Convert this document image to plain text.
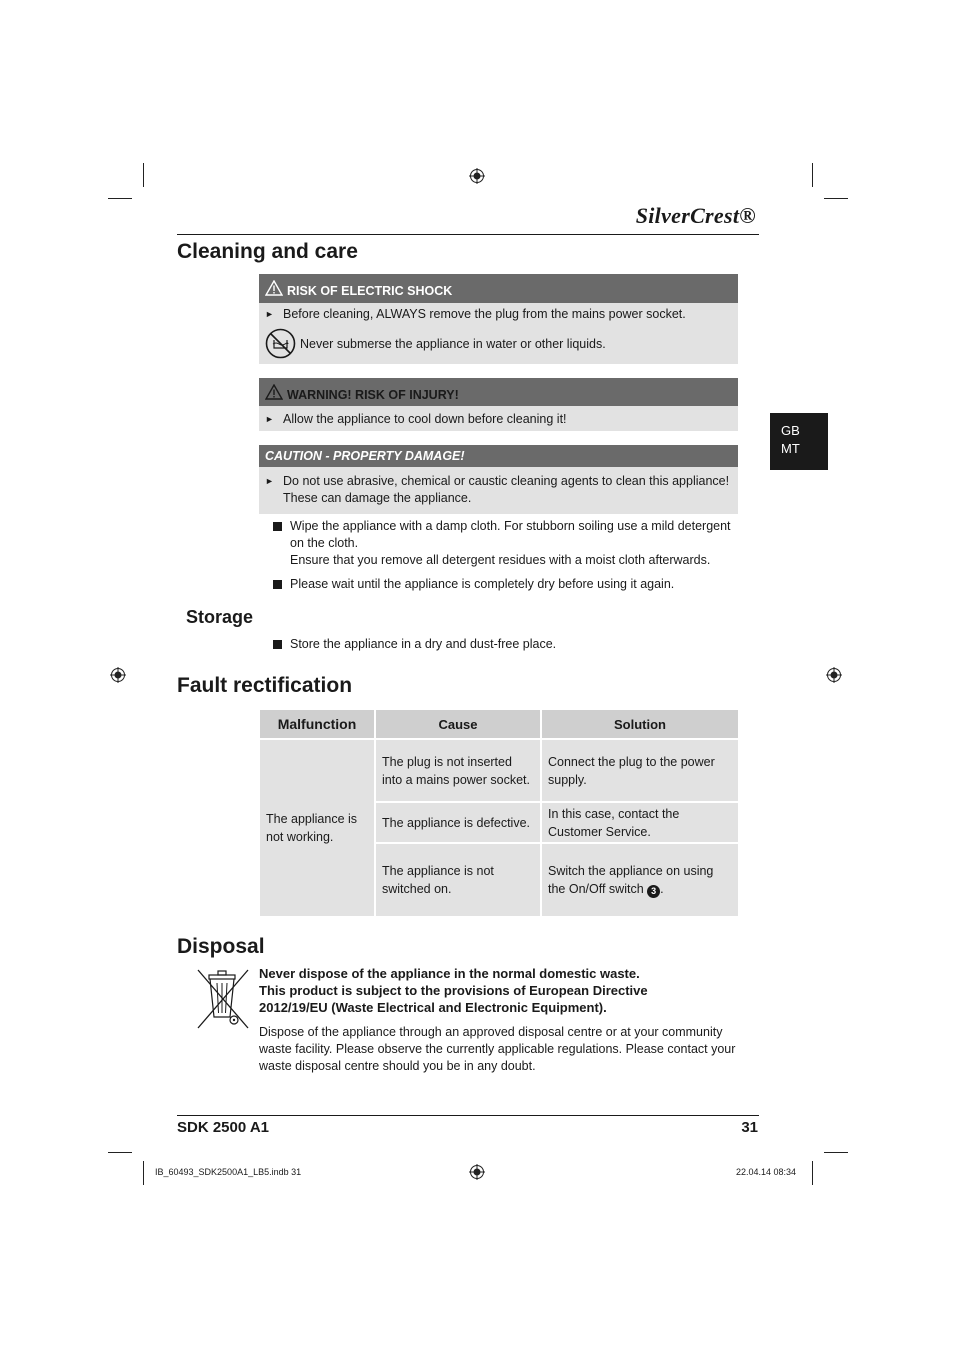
SilverCrest®
GB
MT
Cleaning and care
RISK OF ELECTRIC SHOCK
► Before cleaning, ALWAYS remove the plug from the mains power socket.
Never submerse the appliance in water or other liquids.
WARNING! RISK OF INJURY!
► Allow the appliance to cool down before cleaning it!
CAUTION - PROPERTY DAMAGE!
► Do not use abrasive, chemical or caustic cleaning agents to clean this appliance!
These can damage the appliance.
Wipe the appliance with a damp cloth. For stubborn soiling use a mild detergent
on the cloth.
Ensure that you remove all detergent residues with a moist cloth afterwards.
Please wait until the appliance is completely dry before using it again.
Storage
Store the appliance in a dry and dust-free place.
Fault rectification
Malfunction	Cause	Solution
The appliance is not working.	The plug is not inserted into a mains power socket.	Connect the plug to the power supply.
	The appliance is defective.	In this case, contact the Customer Service.
	The appliance is not switched on.	Switch the appliance on using the On/Off switch 3 .
Disposal
Never dispose of the appliance in the normal domestic waste.
This product is subject to the provisions of European Directive
2012/19/EU (Waste Electrical and Electronic Equipment).
Dispose of the appliance through an approved disposal centre or at your community
waste facility. Please observe the currently applicable regulations. Please contact your
waste disposal centre should you be in any doubt.
SDK 2500 A1	31
IB_60493_SDK2500A1_LB5.indb 31	22.04.14 08:34
